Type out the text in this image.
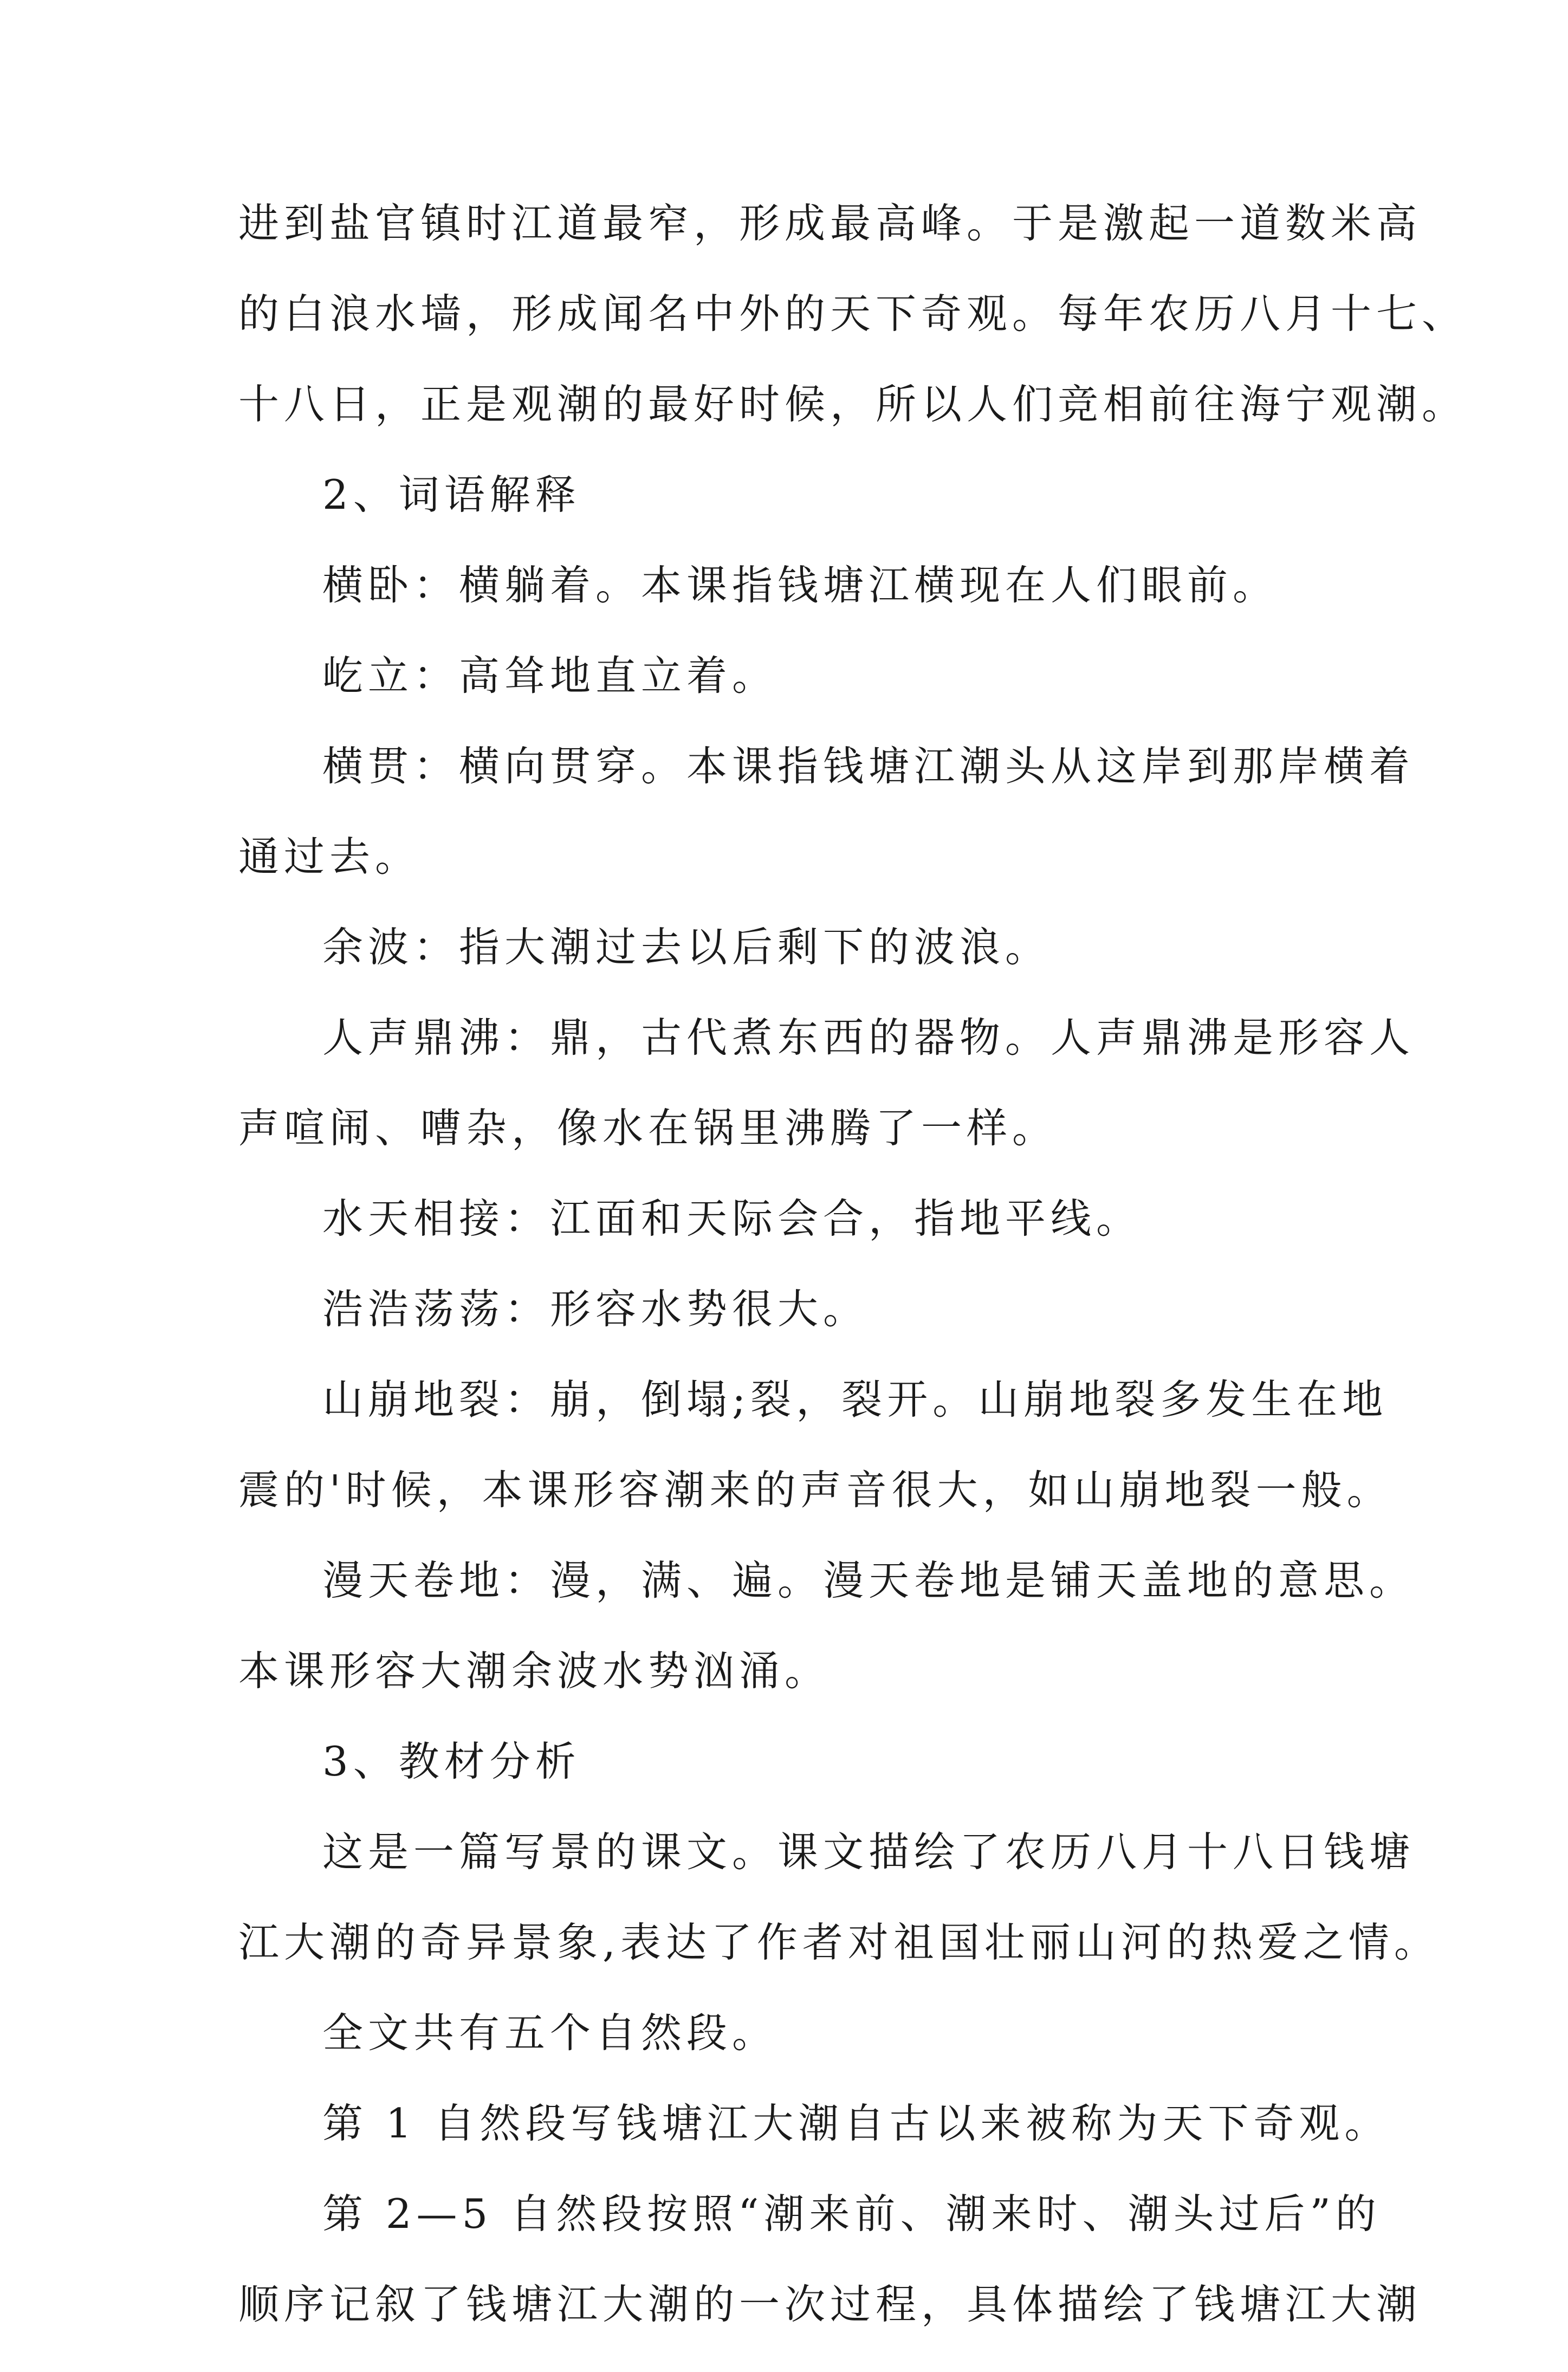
进到盐官镇时江道最窄，形成最高峰。于是激起一道数米高
的白浪水墙，形成闻名中外的天下奇观。每年农历八月十七、
十八日，正是观潮的最好时候，所以人们竞相前往海宁观潮。
2、词语解释
横卧：横躺着。本课指钱塘江横现在人们眼前。
屹立：高耸地直立着。
横贯：横向贯穿。本课指钱塘江潮头从这岸到那岸横着
通过去。
余波：指大潮过去以后剩下的波浪。
人声鼎沸：鼎，古代煮东西的器物。人声鼎沸是形容人
声喧闹、嘈杂，像水在锅里沸腾了一样。
水天相接：江面和天际会合，指地平线。
浩浩荡荡：形容水势很大。
山崩地裂：崩，倒塌;裂，裂开。山崩地裂多发生在地
震的'时候，本课形容潮来的声音很大，如山崩地裂一般。
漫天卷地：漫，满、遍。漫天卷地是铺天盖地的意思。
本课形容大潮余波水势汹涌。
3、教材分析
这是一篇写景的课文。课文描绘了农历八月十八日钱塘
江大潮的奇异景象,表达了作者对祖国壮丽山河的热爱之情。
全文共有五个自然段。
第 1 自然段写钱塘江大潮自古以来被称为天下奇观。
第 2—5 自然段按照“潮来前、潮来时、潮头过后”的
顺序记叙了钱塘江大潮的一次过程，具体描绘了钱塘江大潮
